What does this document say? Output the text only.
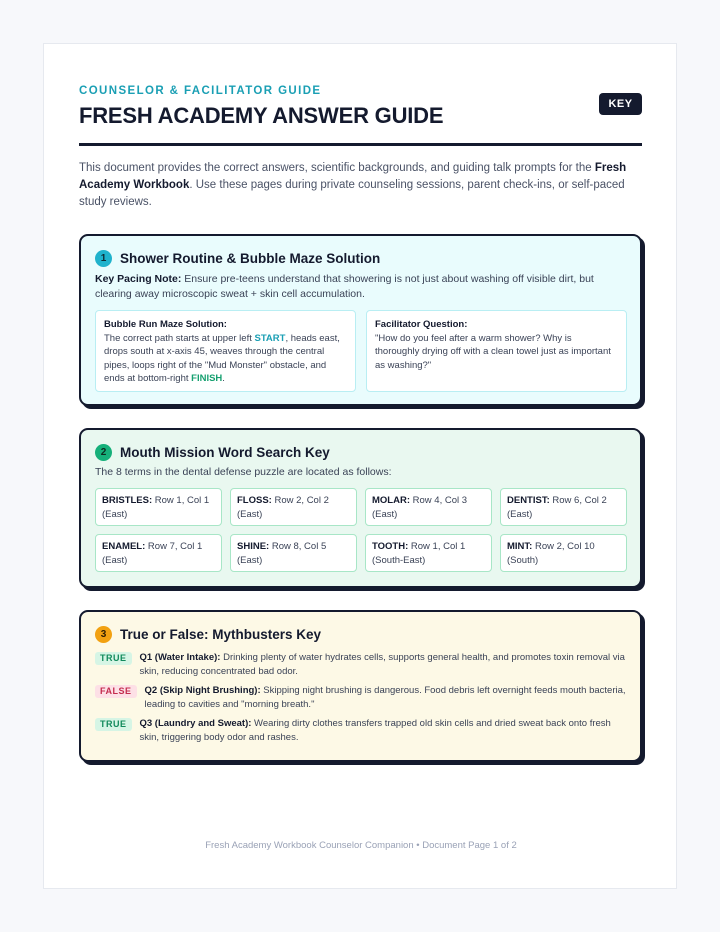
COUNSELOR & FACILITATOR GUIDE
FRESH ACADEMY ANSWER GUIDE	KEY

This document provides the correct answers, scientific backgrounds, and guiding talk prompts for the Fresh Academy Workbook. Use these pages during private counseling sessions, parent check-ins, or self-paced study reviews.

1	Shower Routine & Bubble Maze Solution

Key Pacing Note: Ensure pre-teens understand that showering is not just about washing off visible dirt, but clearing away microscopic sweat + skin cell accumulation.

Bubble Run Maze Solution:
The correct path starts at upper left START, heads east, drops south at x-axis 45, weaves through the central pipes, loops right of the "Mud Monster" obstacle, and ends at bottom-right FINISH.
Facilitator Question:
"How do you feel after a warm shower? Why is thoroughly drying off with a clean towel just as important as washing?"
2	Mouth Mission Word Search Key

The 8 terms in the dental defense puzzle are located as follows:

BRISTLES: Row 1, Col 1 (East)
FLOSS: Row 2, Col 2 (East)
MOLAR: Row 4, Col 3 (East)
DENTIST: Row 6, Col 2 (East)
ENAMEL: Row 7, Col 1 (East)
SHINE: Row 8, Col 5 (East)
TOOTH: Row 1, Col 1 (South-East)
MINT: Row 2, Col 10 (South)
3	True or False: Mythbusters Key
TRUE	Q1 (Water Intake): Drinking plenty of water hydrates cells, supports general health, and promotes toxin removal via skin, reducing concentrated bad odor.
FALSE	Q2 (Skip Night Brushing): Skipping night brushing is dangerous. Food debris left overnight feeds mouth bacteria, leading to cavities and "morning breath."
TRUE	Q3 (Laundry and Sweat): Wearing dirty clothes transfers trapped old skin cells and dried sweat back onto fresh skin, triggering body odor and rashes.
Fresh Academy Workbook Counselor Companion • Document Page 1 of 2
